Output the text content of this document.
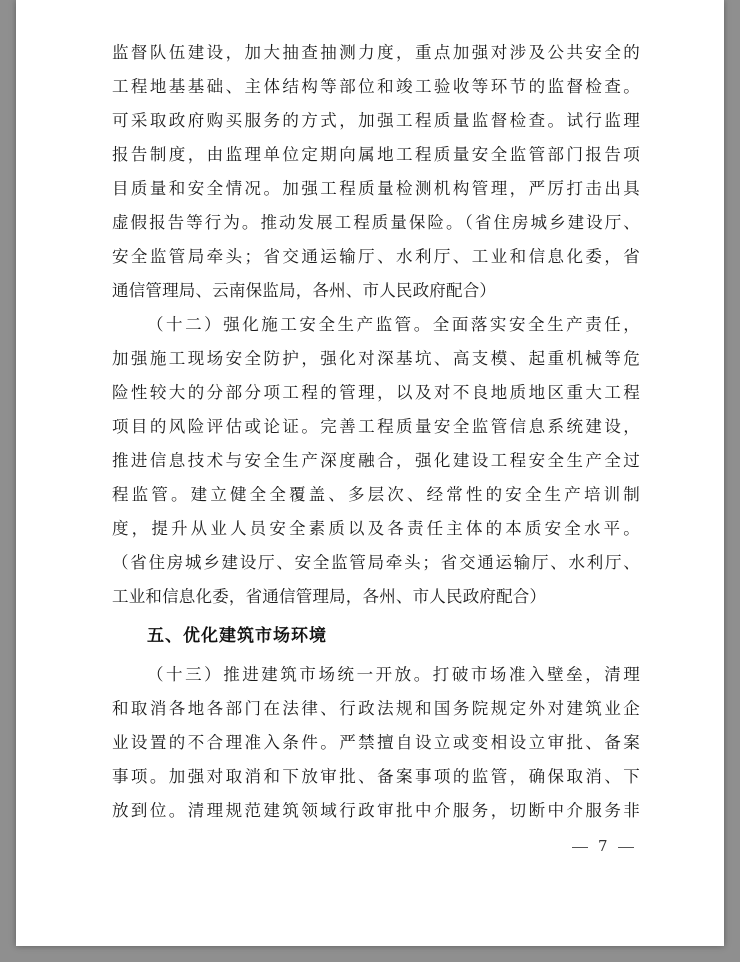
监督队伍建设，加大抽查抽测力度，重点加强对涉及公共安全的
工程地基基础、主体结构等部位和竣工验收等环节的监督检查。
可采取政府购买服务的方式，加强工程质量监督检查。试行监理
报告制度，由监理单位定期向属地工程质量安全监管部门报告项
目质量和安全情况。加强工程质量检测机构管理，严厉打击出具
虚假报告等行为。推动发展工程质量保险。（省住房城乡建设厅、
安全监管局牵头；省交通运输厅、水利厅、工业和信息化委，省
通信管理局、云南保监局，各州、市人民政府配合）
（十二）强化施工安全生产监管。全面落实安全生产责任，
加强施工现场安全防护，强化对深基坑、高支模、起重机械等危
险性较大的分部分项工程的管理，以及对不良地质地区重大工程
项目的风险评估或论证。完善工程质量安全监管信息系统建设，
推进信息技术与安全生产深度融合，强化建设工程安全生产全过
程监管。建立健全全覆盖、多层次、经常性的安全生产培训制
度，提升从业人员安全素质以及各责任主体的本质安全水平。
（省住房城乡建设厅、安全监管局牵头；省交通运输厅、水利厅、
工业和信息化委，省通信管理局，各州、市人民政府配合）
五、优化建筑市场环境
（十三）推进建筑市场统一开放。打破市场准入壁垒，清理
和取消各地各部门在法律、行政法规和国务院规定外对建筑业企
业设置的不合理准入条件。严禁擅自设立或变相设立审批、备案
事项。加强对取消和下放审批、备案事项的监管，确保取消、下
放到位。清理规范建筑领域行政审批中介服务，切断中介服务非
7
